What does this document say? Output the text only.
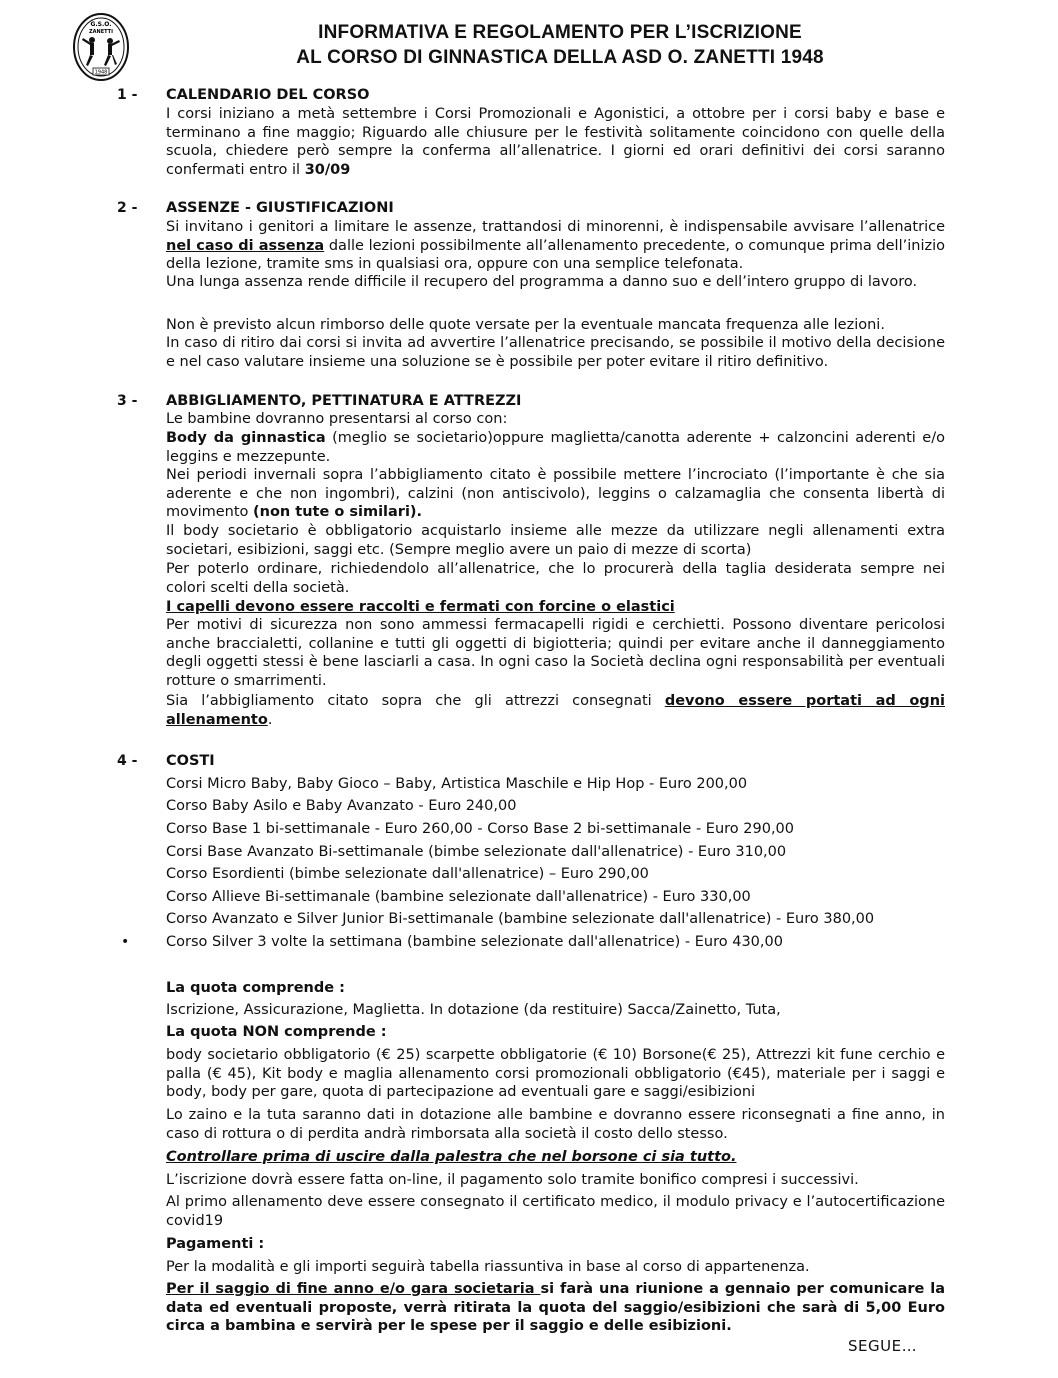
G.S.O.
ZANETTI
1948
INFORMATIVA E REGOLAMENTO PER L’ISCRIZIONE
AL CORSO DI GINNASTICA DELLA ASD O. ZANETTI 1948
1 - CALENDARIO DEL CORSO
I corsi iniziano a metà settembre i Corsi Promozionali e Agonistici, a ottobre per i corsi baby e base e terminano a fine maggio; Riguardo alle chiusure per le festività solitamente coincidono con quelle della scuola, chiedere però sempre la conferma all’allenatrice. I giorni ed orari definitivi dei corsi saranno confermati entro il 30/09
2 - ASSENZE - GIUSTIFICAZIONI
Si invitano i genitori a limitare le assenze, trattandosi di minorenni, è indispensabile avvisare l’allenatrice nel caso di assenza dalle lezioni possibilmente all’allenamento precedente, o comunque prima dell’inizio della lezione, tramite sms in qualsiasi ora, oppure con una semplice telefonata.
Una lunga assenza rende difficile il recupero del programma a danno suo e dell’intero gruppo di lavoro.
Non è previsto alcun rimborso delle quote versate per la eventuale mancata frequenza alle lezioni.
In caso di ritiro dai corsi si invita ad avvertire l’allenatrice precisando, se possibile il motivo della decisione e nel caso valutare insieme una soluzione se è possibile per poter evitare il ritiro definitivo.
3 - ABBIGLIAMENTO, PETTINATURA E ATTREZZI
Le bambine dovranno presentarsi al corso con:
Body da ginnastica (meglio se societario)oppure maglietta/canotta aderente + calzoncini aderenti e/o leggins e mezzepunte.
Nei periodi invernali sopra l’abbigliamento citato è possibile mettere l’incrociato (l’importante è che sia aderente e che non ingombri), calzini (non antiscivolo), leggins o calzamaglia che consenta libertà di movimento (non tute o similari).
Il body societario è obbligatorio acquistarlo insieme alle mezze da utilizzare negli allenamenti extra societari, esibizioni, saggi etc. (Sempre meglio avere un paio di mezze di scorta)
Per poterlo ordinare, richiedendolo all’allenatrice, che lo procurerà della taglia desiderata sempre nei colori scelti della società.
I capelli devono essere raccolti e fermati con forcine o elastici
Per motivi di sicurezza non sono ammessi fermacapelli rigidi e cerchietti. Possono diventare pericolosi anche braccialetti, collanine e tutti gli oggetti di bigiotteria; quindi per evitare anche il danneggiamento degli oggetti stessi è bene lasciarli a casa. In ogni caso la Società declina ogni responsabilità per eventuali rotture o smarrimenti.
Sia l’abbigliamento citato sopra che gli attrezzi consegnati devono essere portati ad ogni allenamento.
4 - COSTI
Corsi Micro Baby, Baby Gioco – Baby, Artistica Maschile e Hip Hop - Euro 200,00
Corso Baby Asilo e Baby Avanzato - Euro 240,00
Corso Base 1 bi-settimanale - Euro 260,00 - Corso Base 2 bi-settimanale - Euro 290,00
Corsi Base Avanzato Bi-settimanale (bimbe selezionate dall'allenatrice) - Euro 310,00
Corso Esordienti (bimbe selezionate dall'allenatrice) – Euro 290,00
Corso Allieve Bi-settimanale (bambine selezionate dall'allenatrice) - Euro 330,00
Corso Avanzato e Silver Junior Bi-settimanale (bambine selezionate dall'allenatrice) - Euro 380,00
•	Corso Silver 3 volte la settimana (bambine selezionate dall'allenatrice) - Euro 430,00
La quota comprende :
Iscrizione, Assicurazione, Maglietta. In dotazione (da restituire) Sacca/Zainetto, Tuta,
La quota NON comprende :
body societario obbligatorio (€ 25) scarpette obbligatorie (€ 10) Borsone(€ 25), Attrezzi kit fune cerchio e palla (€ 45), Kit body e maglia allenamento corsi promozionali obbligatorio (€45), materiale per i saggi e body, body per gare, quota di partecipazione ad eventuali gare e saggi/esibizioni
Lo zaino e la tuta saranno dati in dotazione alle bambine e dovranno essere riconsegnati a fine anno, in caso di rottura o di perdita andrà rimborsata alla società il costo dello stesso.
Controllare prima di uscire dalla palestra che nel borsone ci sia tutto.
L’iscrizione dovrà essere fatta on-line, il pagamento solo tramite bonifico compresi i successivi.
Al primo allenamento deve essere consegnato il certificato medico, il modulo privacy e l’autocertificazione covid19
Pagamenti :
Per la modalità e gli importi seguirà tabella riassuntiva in base al corso di appartenenza.
Per il saggio di fine anno e/o gara societaria si farà una riunione a gennaio per comunicare la data ed eventuali proposte, verrà ritirata la quota del saggio/esibizioni che sarà di 5,00 Euro circa a bambina e servirà per le spese per il saggio e delle esibizioni.
SEGUE…
